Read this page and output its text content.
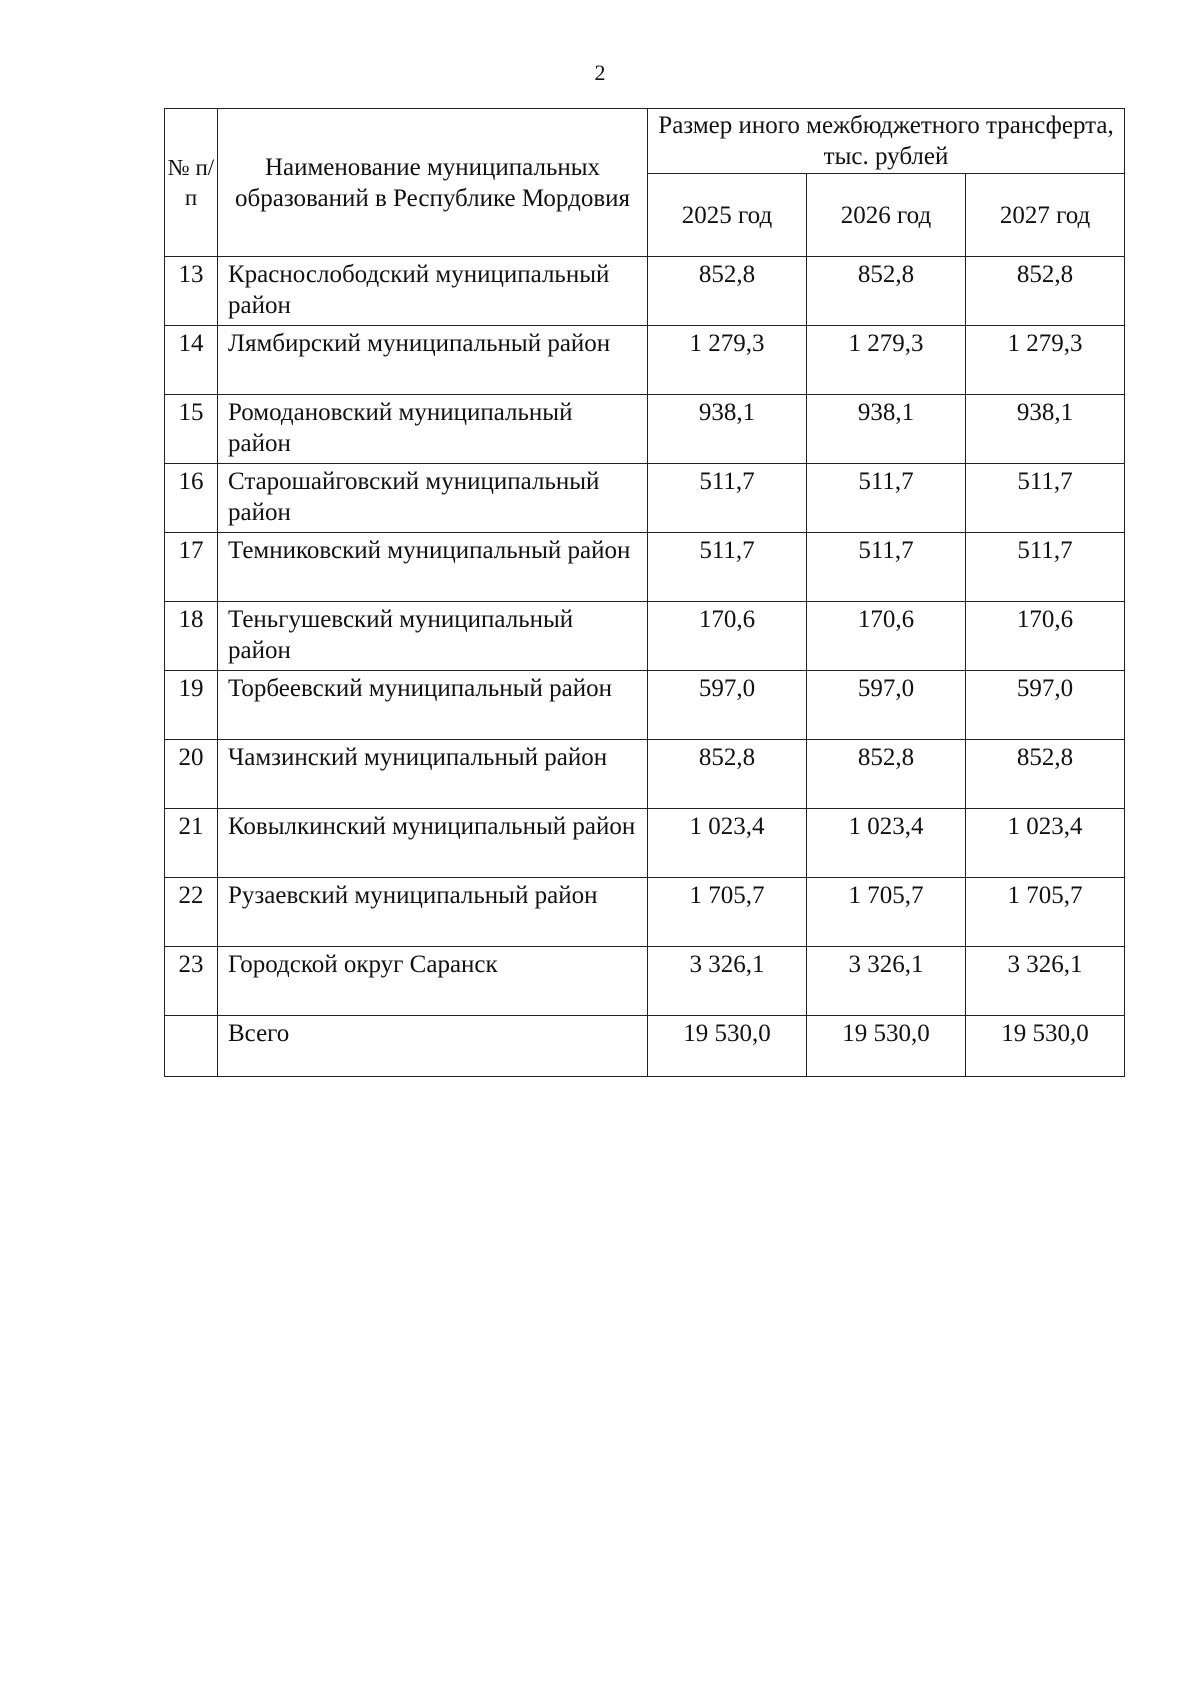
2
№ п/п	Наименование муниципальных образований в Республике Мордовия	Размер иного межбюджетного трансферта, тыс. рублей		
		2025 год	2026 год	2027 год
13	Краснослободский муниципальный район	852,8	852,8	852,8
14	Лямбирский муниципальный район	1 279,3	1 279,3	1 279,3
15	Ромодановский муниципальный район	938,1	938,1	938,1
16	Старошайговский муниципальный район	511,7	511,7	511,7
17	Темниковский муниципальный район	511,7	511,7	511,7
18	Теньгушевский муниципальный район	170,6	170,6	170,6
19	Торбеевский муниципальный район	597,0	597,0	597,0
20	Чамзинский муниципальный район	852,8	852,8	852,8
21	Ковылкинский муниципальный район	1 023,4	1 023,4	1 023,4
22	Рузаевский муниципальный район	1 705,7	1 705,7	1 705,7
23	Городской округ Саранск	3 326,1	3 326,1	3 326,1
	Всего	19 530,0	19 530,0	19 530,0
